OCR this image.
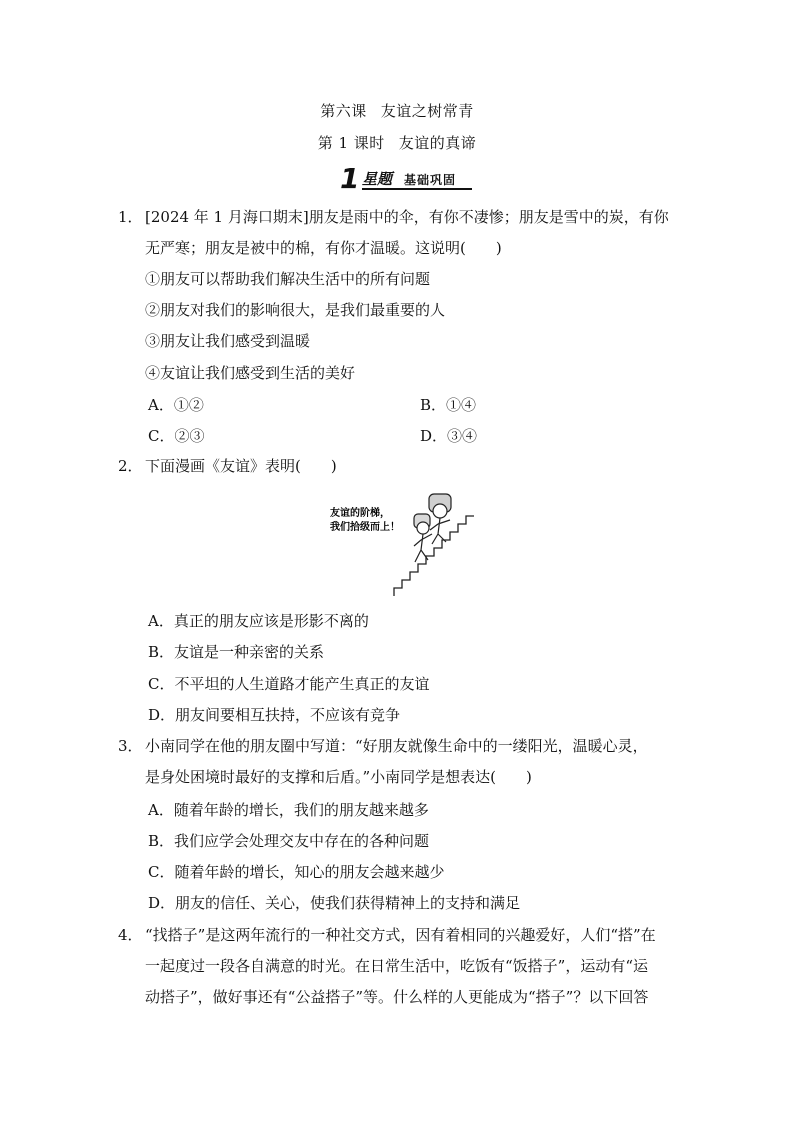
第六课 友谊之树常青
第 1 课时 友谊的真谛
1 星题 基础巩固
1． [2024 年 1 月海口期末]朋友是雨中的伞，有你不凄惨；朋友是雪中的炭，有你
无严寒；朋友是被中的棉，有你才温暖。这说明(　　)
①朋友可以帮助我们解决生活中的所有问题
②朋友对我们的影响很大，是我们最重要的人
③朋友让我们感受到温暖
④友谊让我们感受到生活的美好
A．①②	B．①④
C．②③	D．③④
2． 下面漫画《友谊》表明(　　)
友谊的阶梯，
我们拾级而上！
A．真正的朋友应该是形影不离的
B．友谊是一种亲密的关系
C．不平坦的人生道路才能产生真正的友谊
D．朋友间要相互扶持，不应该有竞争
3． 小南同学在他的朋友圈中写道：“好朋友就像生命中的一缕阳光，温暖心灵，
是身处困境时最好的支撑和后盾。”小南同学是想表达(　　)
A．随着年龄的增长，我们的朋友越来越多
B．我们应学会处理交友中存在的各种问题
C．随着年龄的增长，知心的朋友会越来越少
D．朋友的信任、关心，使我们获得精神上的支持和满足
4． “找搭子”是这两年流行的一种社交方式，因有着相同的兴趣爱好，人们“搭”在
一起度过一段各自满意的时光。在日常生活中，吃饭有“饭搭子”，运动有“运
动搭子”，做好事还有“公益搭子”等。什么样的人更能成为“搭子”？以下回答
